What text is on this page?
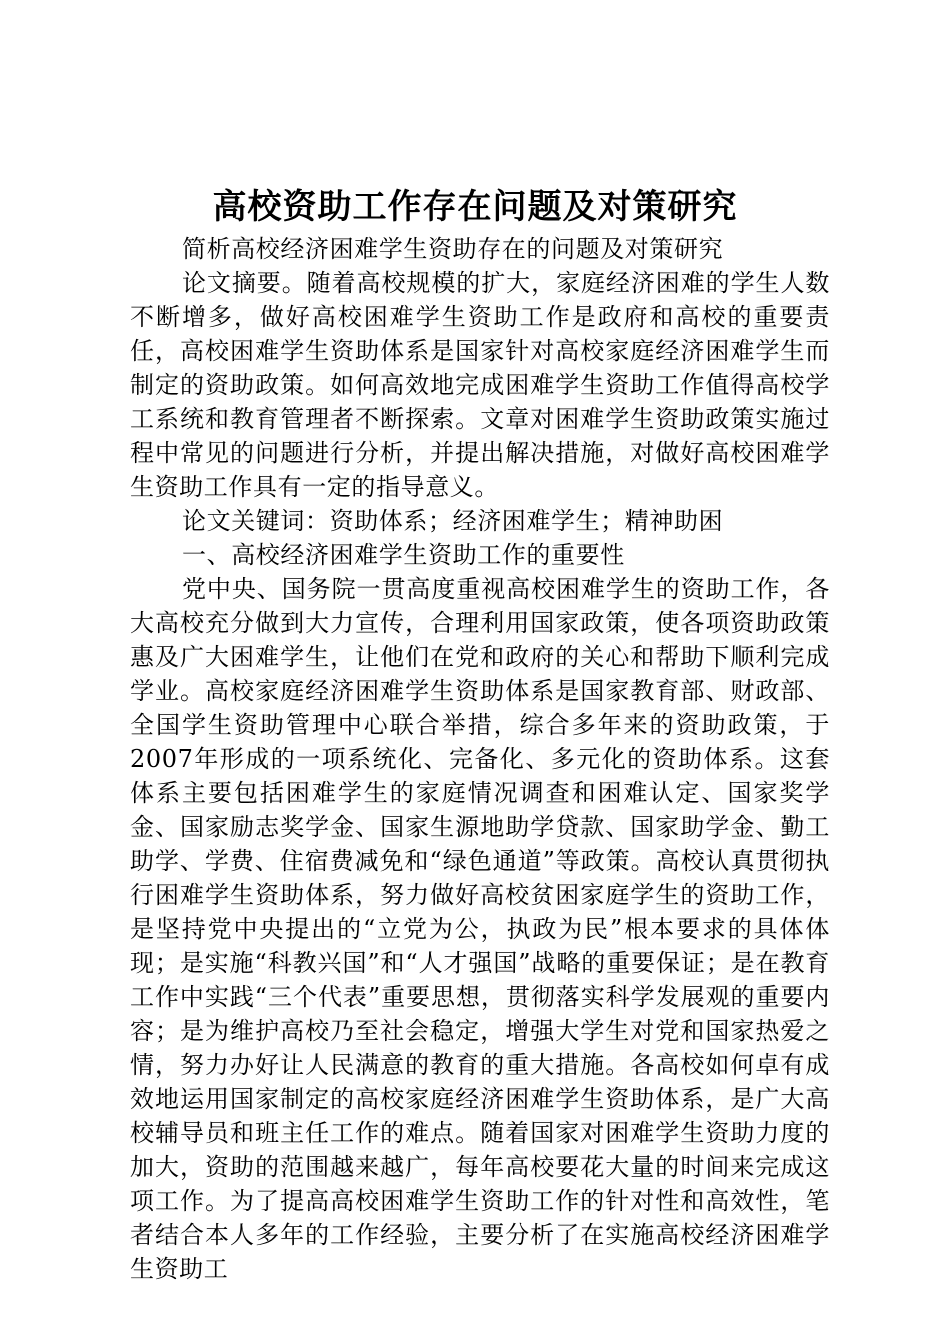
高校资助工作存在问题及对策研究

简析高校经济困难学生资助存在的问题及对策研究

论文摘要。随着高校规模的扩大，家庭经济困难的学生人数不断增多，做好高校困难学生资助工作是政府和高校的重要责任，高校困难学生资助体系是国家针对高校家庭经济困难学生而制定的资助政策。如何高效地完成困难学生资助工作值得高校学工系统和教育管理者不断探索。文章对困难学生资助政策实施过程中常见的问题进行分析，并提出解决措施，对做好高校困难学生资助工作具有一定的指导意义。

论文关键词：资助体系；经济困难学生；精神助困

一、高校经济困难学生资助工作的重要性

党中央、国务院一贯高度重视高校困难学生的资助工作，各大高校充分做到大力宣传，合理利用国家政策，使各项资助政策惠及广大困难学生，让他们在党和政府的关心和帮助下顺利完成学业。高校家庭经济困难学生资助体系是国家教育部、财政部、全国学生资助管理中心联合举措，综合多年来的资助政策，于2007年形成的一项系统化、完备化、多元化的资助体系。这套体系主要包括困难学生的家庭情况调查和困难认定、国家奖学金、国家励志奖学金、国家生源地助学贷款、国家助学金、勤工助学、学费、住宿费减免和“绿色通道”等政策。高校认真贯彻执行困难学生资助体系，努力做好高校贫困家庭学生的资助工作，是坚持党中央提出的“立党为公，执政为民”根本要求的具体体现；是实施“科教兴国”和“人才强国”战略的重要保证；是在教育工作中实践“三个代表”重要思想，贯彻落实科学发展观的重要内容；是为维护高校乃至社会稳定，增强大学生对党和国家热爱之情，努力办好让人民满意的教育的重大措施。各高校如何卓有成效地运用国家制定的高校家庭经济困难学生资助体系，是广大高校辅导员和班主任工作的难点。随着国家对困难学生资助力度的加大，资助的范围越来越广，每年高校要花大量的时间来完成这项工作。为了提高高校困难学生资助工作的针对性和高效性，笔者结合本人多年的工作经验，主要分析了在实施高校经济困难学生资助工
